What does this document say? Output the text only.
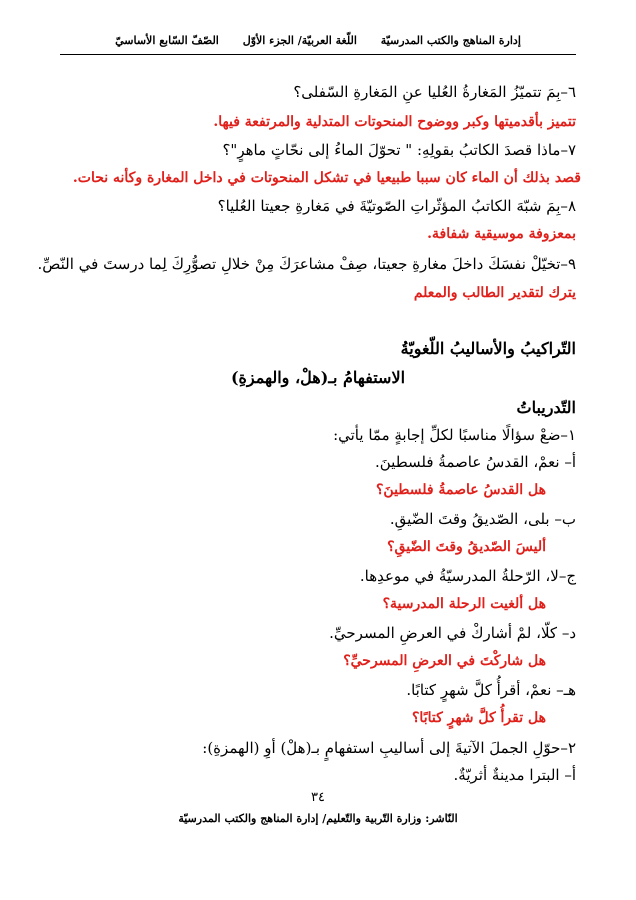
إدارة المناهج والكتب المدرسيّة اللّغة العربيّة/ الجزء الأوّل الصّفّ السّابع الأساسيّ
٦–بِمَ تتميّزُ المَغارةُ العُليا عنِ المَغارةِ السّفلى؟
تتميز بأقدميتها وكبر ووضوح المنحوتات المتدلية والمرتفعة فيها.
٧–ماذا قصدَ الكاتبُ بقولِهِ: " تحوّلَ الماءُ إلى نحّاتٍ ماهرٍ"؟
قصد بذلك أن الماء كان سببا طبيعيا في تشكل المنحوتات في داخل المغارة وكأنه نحات.
٨–بِمَ شبّهَ الكاتبُ المؤثّراتِ الصّوتيّةَ في مَغارةِ جعيتا العُليا؟
بمعزوفة موسيقية شفافة.
٩–تخيّلْ نفسَكَ داخلَ مغارةِ جعيتا، صِفْ مشاعرَكَ مِنْ خلالِ تصوُّرِكَ لِما درستَ في النّصِّ.
يترك لتقدير الطالب والمعلم
التّراكيبُ والأساليبُ اللّغويّةُ
الاستفهامُ بـ(هلْ، والهمزةِ)
التّدريباتُ
١–ضعْ سؤالًا مناسبًا لكلِّ إجابةٍ ممّا يأتي:
أ– نعمْ، القدسُ عاصمةُ فلسطينَ.
هل القدسُ عاصمةُ فلسطينَ؟
ب– بلى، الصّديقُ وقتَ الضّيقِ.
أليسَ الصّديقُ وقتَ الضّيقِ؟
ج–لا، الرّحلةُ المدرسيّةُ في موعدِها.
هل ألغيت الرحلة المدرسية؟
د– كلّا، لمْ أشاركْ في العرضِ المسرحيِّ.
هل شاركْتَ في العرضِ المسرحيِّ؟
هـ– نعمْ، أقرأُ كلَّ شهرٍ كتابًا.
هل تقرأُ كلَّ شهرٍ كتابًا؟
٢–حوّلِ الجملَ الآتيةَ إلى أساليبِ استفهامٍ بـ(هلْ) أوِ (الهمزةِ):
أ– البترا مدينةٌ أثريّةٌ.
٣٤
النّاشر: وزارة التّربية والتّعليم/ إدارة المناهج والكتب المدرسيّة
